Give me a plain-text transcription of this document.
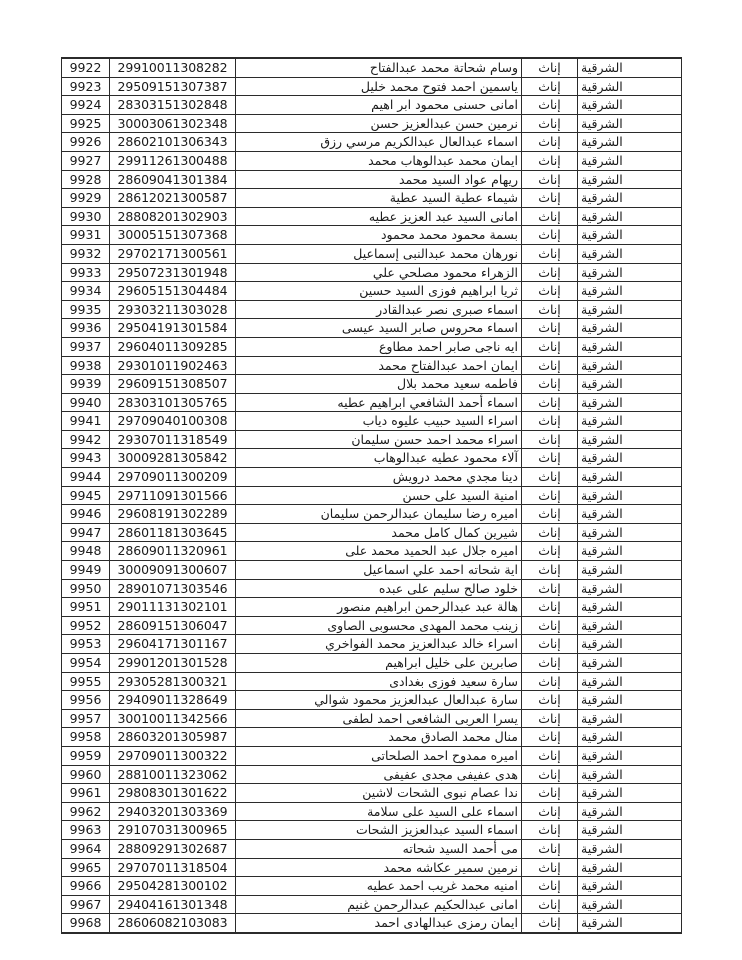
الشرقية	إناث	وسام شحاتة محمد عبدالفتاح	29910011308282	9922
الشرقية	إناث	ياسمين احمد فتوح محمد خليل	29509151307387	9923
الشرقية	إناث	امانى حسنى محمود ابر اهيم	28303151302848	9924
الشرقية	إناث	نرمين حسن عبدالعزيز حسن	30003061302348	9925
الشرقية	إناث	اسماء عبدالعال عبدالكريم مرسي رزق	28602101306343	9926
الشرقية	إناث	ايمان محمد عبدالوهاب محمد	29911261300488	9927
الشرقية	إناث	ريهام عواد السيد محمد	28609041301384	9928
الشرقية	إناث	شيماء عطية السيد عطية	28612021300587	9929
الشرقية	إناث	امانى السيد عبد العزيز عطيه	28808201302903	9930
الشرقية	إناث	بسمة محمود محمد محمود	30005151307368	9931
الشرقية	إناث	نورهان محمد عبدالنبى إسماعيل	29702171300561	9932
الشرقية	إناث	الزهراء محمود مصلحي علي	29507231301948	9933
الشرقية	إناث	ثريا ابراهيم فوزى السيد حسين	29605151304484	9934
الشرقية	إناث	اسماء صبرى نصر عبدالقادر	29303211303028	9935
الشرقية	إناث	اسماء محروس صابر السيد عيسى	29504191301584	9936
الشرقية	إناث	ايه ناجى صابر احمد مطاوع	29604011309285	9937
الشرقية	إناث	ايمان احمد عبدالفتاح محمد	29301011902463	9938
الشرقية	إناث	فاطمه سعيد محمد بلال	29609151308507	9939
الشرقية	إناث	اسماء أحمد الشافعي ابراهيم عطيه	28303101305765	9940
الشرقية	إناث	اسراء السيد حبيب عليوه دياب	29709040100308	9941
الشرقية	إناث	اسراء محمد احمد حسن سليمان	29307011318549	9942
الشرقية	إناث	آلاء محمود عطيه عبدالوهاب	30009281305842	9943
الشرقية	إناث	دينا مجدي محمد درويش	29709011300209	9944
الشرقية	إناث	امنية السيد على حسن	29711091301566	9945
الشرقية	إناث	اميره رضا سليمان عبدالرحمن سليمان	29608191302289	9946
الشرقية	إناث	شيرين كمال كامل محمد	28601181303645	9947
الشرقية	إناث	اميره جلال عبد الحميد محمد على	28609011320961	9948
الشرقية	إناث	اية شحاته احمد علي اسماعيل	30009091300607	9949
الشرقية	إناث	خلود صالح سليم على عبده	28901071303546	9950
الشرقية	إناث	هالة عبد عبدالرحمن ابراهيم منصور	29011131302101	9951
الشرقية	إناث	زينب محمد المهدى محسوبى الصاوى	28609151306047	9952
الشرقية	إناث	اسراء خالد عبدالعزيز محمد الفواخري	29604171301167	9953
الشرقية	إناث	صابرين على خليل ابراهيم	29901201301528	9954
الشرقية	إناث	سارة سعيد فوزى بغدادى	29305281300321	9955
الشرقية	إناث	سارة عبدالعال عبدالعزيز محمود شوالي	29409011328649	9956
الشرقية	إناث	يسرا العربى الشافعى احمد لطفى	30010011342566	9957
الشرقية	إناث	منال محمد الصادق محمد	28603201305987	9958
الشرقية	إناث	اميره ممدوح احمد الصلحاتى	29709011300322	9959
الشرقية	إناث	هدى عفيفى مجدى عفيفى	28810011323062	9960
الشرقية	إناث	ندا عصام نبوى الشحات لاشين	29808301301622	9961
الشرقية	إناث	اسماء على السيد على سلامة	29403201303369	9962
الشرقية	إناث	اسماء السيد عبدالعزيز الشحات	29107031300965	9963
الشرقية	إناث	مى أحمد السيد شحاته	28809291302687	9964
الشرقية	إناث	نرمين سمير عكاشه محمد	29707011318504	9965
الشرقية	إناث	امنيه محمد غريب احمد عطيه	29504281300102	9966
الشرقية	إناث	امانى عبدالحكيم عبدالرحمن غنيم	29404161301348	9967
الشرقية	إناث	ايمان رمزى عبدالهادى احمد	28606082103083	9968
